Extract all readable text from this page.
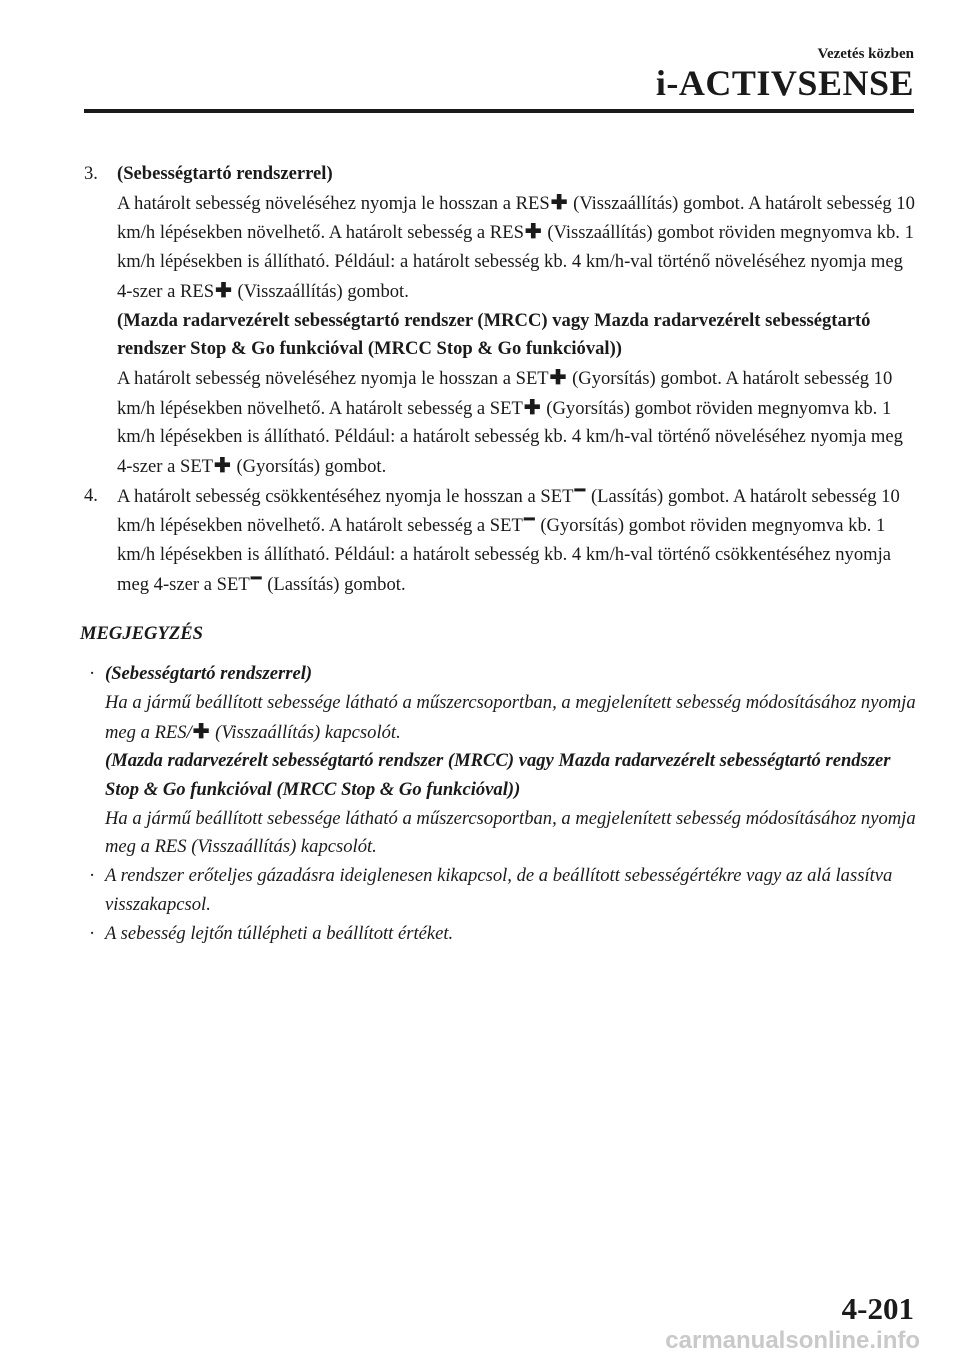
Vezetés közben
i-ACTIVSENSE
3. (Sebességtartó rendszerrel)
A határolt sebesség növeléséhez nyomja le hosszan a RES✚ (Visszaállítás) gombot. A határolt sebesség 10 km/h lépésekben növelhető. A határolt sebesség a RES✚ (Visszaállítás) gombot röviden megnyomva kb. 1 km/h lépésekben is állítható. Például: a határolt sebesség kb. 4 km/h-val történő növeléséhez nyomja meg 4-szer a RES✚ (Visszaállítás) gombot.
(Mazda radarvezérelt sebességtartó rendszer (MRCC) vagy Mazda radarvezérelt sebességtartó rendszer Stop & Go funkcióval (MRCC Stop & Go funkcióval))
A határolt sebesség növeléséhez nyomja le hosszan a SET✚ (Gyorsítás) gombot. A határolt sebesség 10 km/h lépésekben növelhető. A határolt sebesség a SET✚ (Gyorsítás) gombot röviden megnyomva kb. 1 km/h lépésekben is állítható. Például: a határolt sebesség kb. 4 km/h-val történő növeléséhez nyomja meg 4-szer a SET✚ (Gyorsítás) gombot.
4. A határolt sebesség csökkentéséhez nyomja le hosszan a SET━ (Lassítás) gombot. A határolt sebesség 10 km/h lépésekben növelhető. A határolt sebesség a SET━ (Gyorsítás) gombot röviden megnyomva kb. 1 km/h lépésekben is állítható. Például: a határolt sebesség kb. 4 km/h-val történő csökkentéséhez nyomja meg 4-szer a SET━ (Lassítás) gombot.
MEGJEGYZÉS
· (Sebességtartó rendszerrel)
Ha a jármű beállított sebessége látható a műszercsoportban, a megjelenített sebesség módosításához nyomja meg a RES/✚ (Visszaállítás) kapcsolót.
(Mazda radarvezérelt sebességtartó rendszer (MRCC) vagy Mazda radarvezérelt sebességtartó rendszer Stop & Go funkcióval (MRCC Stop & Go funkcióval))
Ha a jármű beállított sebessége látható a műszercsoportban, a megjelenített sebesség módosításához nyomja meg a RES (Visszaállítás) kapcsolót.
· A rendszer erőteljes gázadásra ideiglenesen kikapcsol, de a beállított sebességértékre vagy az alá lassítva visszakapcsol.
· A sebesség lejtőn túllépheti a beállított értéket.
4-201
carmanualsonline.info
